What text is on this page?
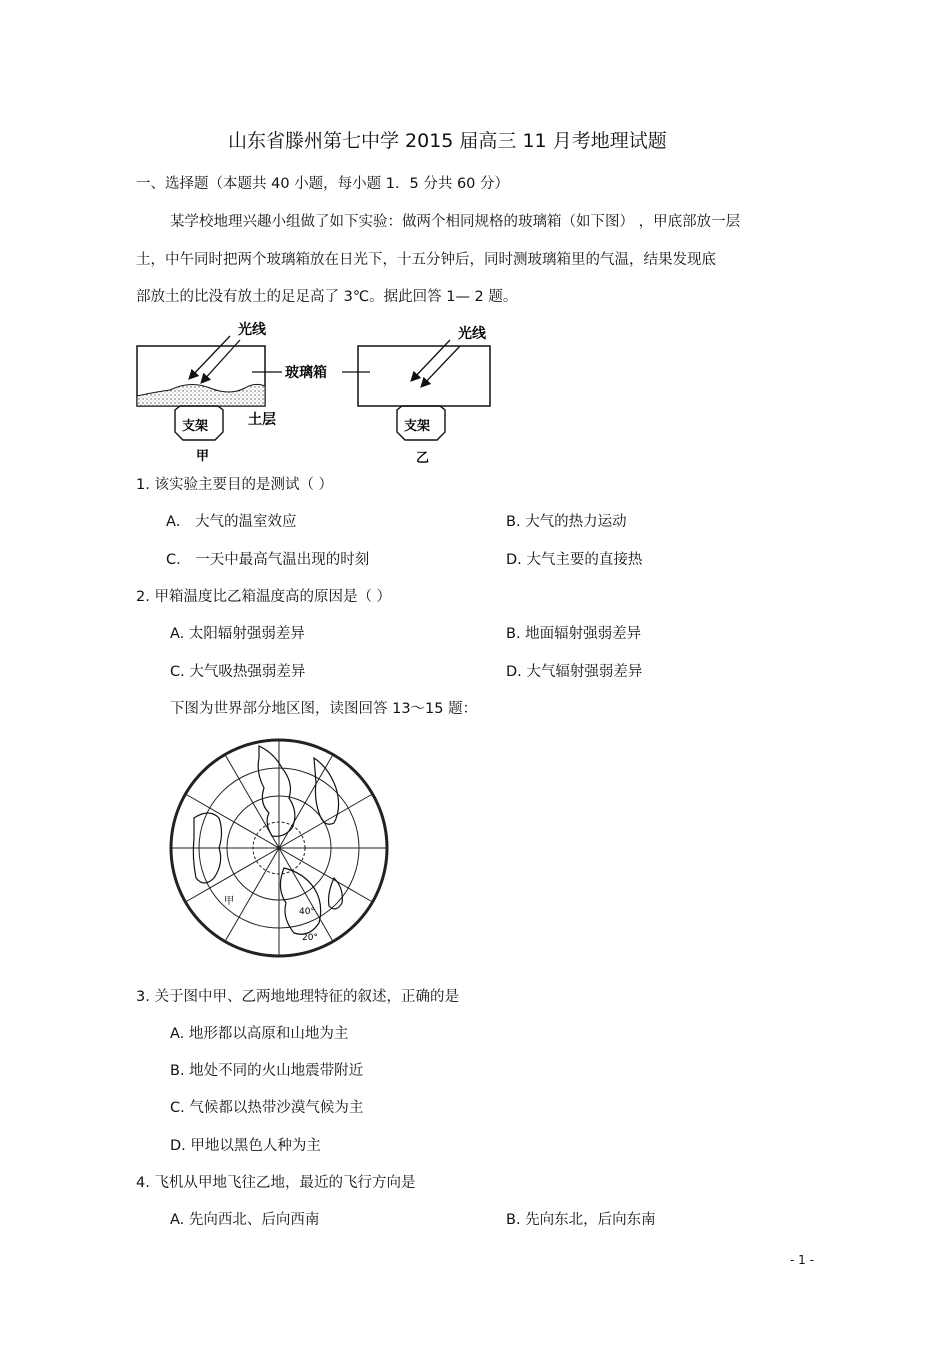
山东省滕州第七中学 2015 届高三 11 月考地理试题
一、选择题（本题共 40 小题，每小题 1．5 分共 60 分）
某学校地理兴趣小组做了如下实验：做两个相同规格的玻璃箱（如下图） ，甲底部放一层
土，中午同时把两个玻璃箱放在日光下，十五分钟后，同时测玻璃箱里的气温，结果发现底
部放土的比没有放土的足足高了 3℃。据此回答 1— 2 题。
光线
支架
甲
土层
光线
支架
乙
玻璃箱
1. 该实验主要目的是测试（ ）
A． 大气的温室效应	B. 大气的热力运动
C． 一天中最高气温出现的时刻	D. 大气主要的直接热
2. 甲箱温度比乙箱温度高的原因是（ ）
A. 太阳辐射强弱差异	B. 地面辐射强弱差异
C. 大气吸热强弱差异	D. 大气辐射强弱差异
下图为世界部分地区图，读图回答 13～15 题：
甲
40°
20°
3. 关于图中甲、乙两地地理特征的叙述，正确的是
A. 地形都以高原和山地为主
B. 地处不同的火山地震带附近
C. 气候都以热带沙漠气候为主
D. 甲地以黑色人种为主
4. 飞机从甲地飞往乙地，最近的飞行方向是
A. 先向西北、后向西南	B. 先向东北，后向东南
- 1 -
